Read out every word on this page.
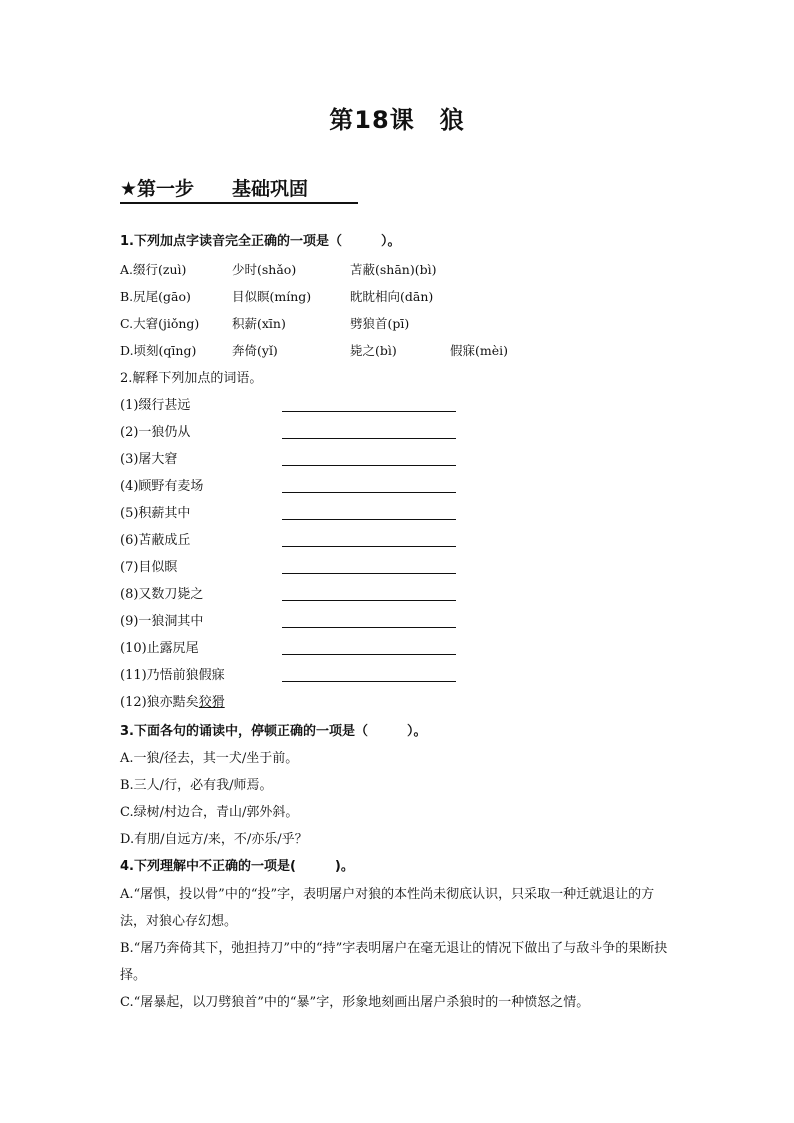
第18课　狼
★第一步　　基础巩固
1.下列加点字读音完全正确的一项是（　　　）。
A.缀行(zuì)	少时(shǎo)	苫蔽(shān)(bì)
B.尻尾(gāo)	目似瞑(míng)	眈眈相向(dān)
C.大窘(jiǒng)	积薪(xīn)	劈狼首(pī)
D.顷刻(qīng)	奔倚(yǐ)	毙之(bì)	假寐(mèi)
2.解释下列加点的词语。
(1)缀行甚远
(2)一狼仍从
(3)屠大窘
(4)顾野有麦场
(5)积薪其中
(6)苫蔽成丘
(7)目似瞑
(8)又数刀毙之
(9)一狼洞其中
(10)止露尻尾
(11)乃悟前狼假寐
(12)狼亦黠矣狡猾
3.下面各句的诵读中，停顿正确的一项是（　　　）。
A.一狼/径去，其一犬/坐于前。
B.三人/行，必有我/师焉。
C.绿树/村边合，青山/郭外斜。
D.有朋/自远方/来，不/亦乐/乎？
4.下列理解中不正确的一项是(　　　)。
A.“屠惧，投以骨”中的“投”字，表明屠户对狼的本性尚未彻底认识，只采取一种迁就退让的方法，对狼心存幻想。
B.“屠乃奔倚其下，弛担持刀”中的“持”字表明屠户在毫无退让的情况下做出了与敌斗争的果断抉择。
C.“屠暴起，以刀劈狼首”中的“暴”字，形象地刻画出屠户杀狼时的一种愤怒之情。
